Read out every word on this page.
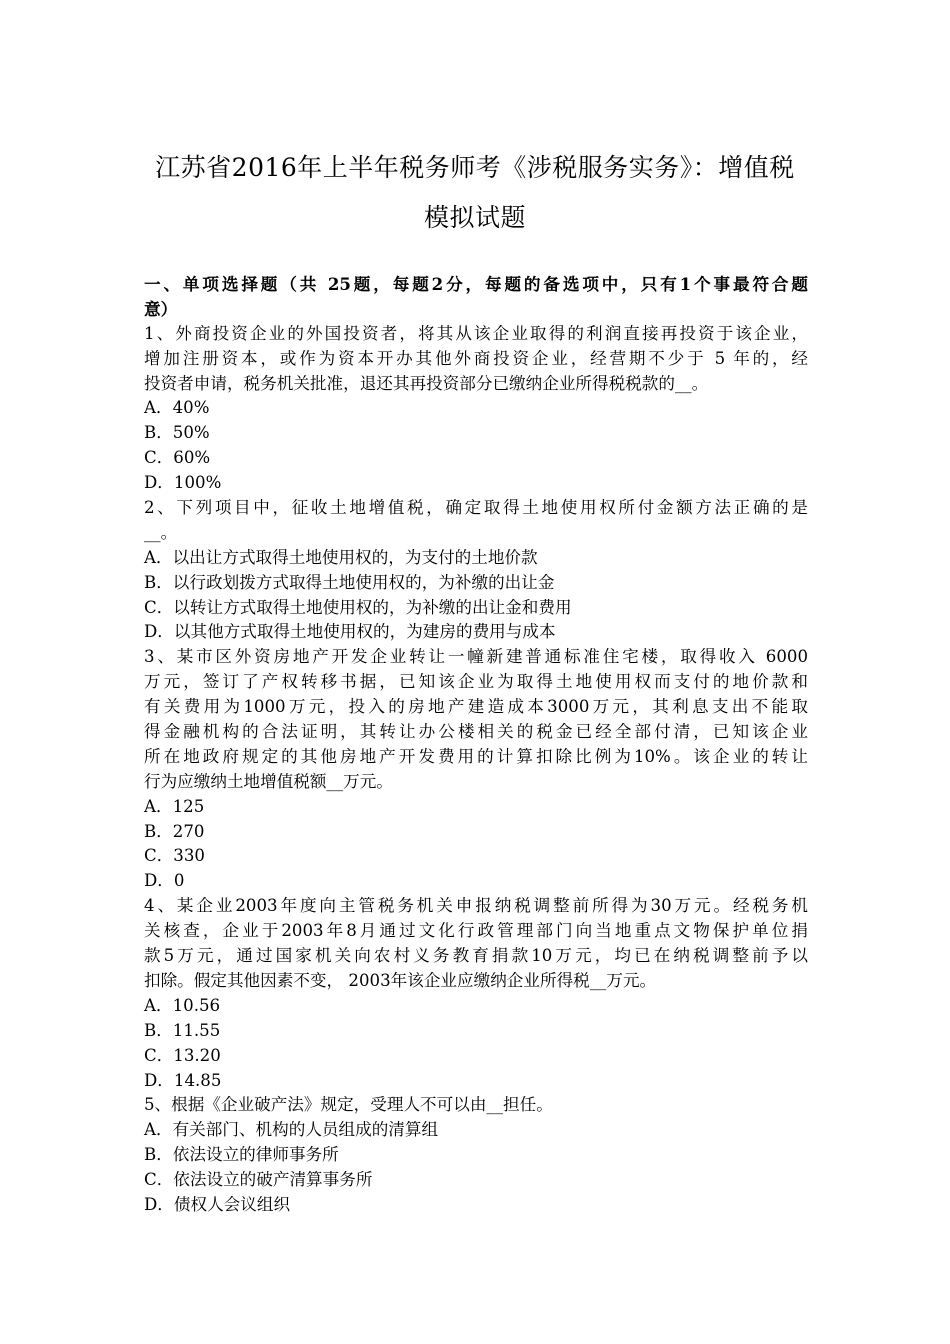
江苏省2016年上半年税务师考《涉税服务实务》：增值税
模拟试题
一、单项选择题（共 25题，每题2分，每题的备选项中，只有1个事最符合题
意）
1、外商投资企业的外国投资者，将其从该企业取得的利润直接再投资于该企业，
增加注册资本，或作为资本开办其他外商投资企业，经营期不少于 5 年的，经
投资者申请，税务机关批准，退还其再投资部分已缴纳企业所得税税款的__。
A．40%
B．50%
C．60%
D．100%
2、下列项目中，征收土地增值税，确定取得土地使用权所付金额方法正确的是
__。
A．以出让方式取得土地使用权的，为支付的土地价款
B．以行政划拨方式取得土地使用权的，为补缴的出让金
C．以转让方式取得土地使用权的，为补缴的出让金和费用
D．以其他方式取得土地使用权的，为建房的费用与成本
3、某市区外资房地产开发企业转让一幢新建普通标准住宅楼，取得收入 6000
万元，签订了产权转移书据，已知该企业为取得土地使用权而支付的地价款和
有关费用为1000万元，投入的房地产建造成本3000万元，其利息支出不能取
得金融机构的合法证明，其转让办公楼相关的税金已经全部付清，已知该企业
所在地政府规定的其他房地产开发费用的计算扣除比例为10%。该企业的转让
行为应缴纳土地增值税额__万元。
A．125
B．270
C．330
D．0
4、某企业2003年度向主管税务机关申报纳税调整前所得为30万元。经税务机
关核查，企业于2003年8月通过文化行政管理部门向当地重点文物保护单位捐
款5万元，通过国家机关向农村义务教育捐款10万元，均已在纳税调整前予以
扣除。假定其他因素不变， 2003年该企业应缴纳企业所得税__万元。
A．10.56
B．11.55
C．13.20
D．14.85
5、根据《企业破产法》规定，受理人不可以由__担任。
A．有关部门、机构的人员组成的清算组
B．依法设立的律师事务所
C．依法设立的破产清算事务所
D．债权人会议组织
